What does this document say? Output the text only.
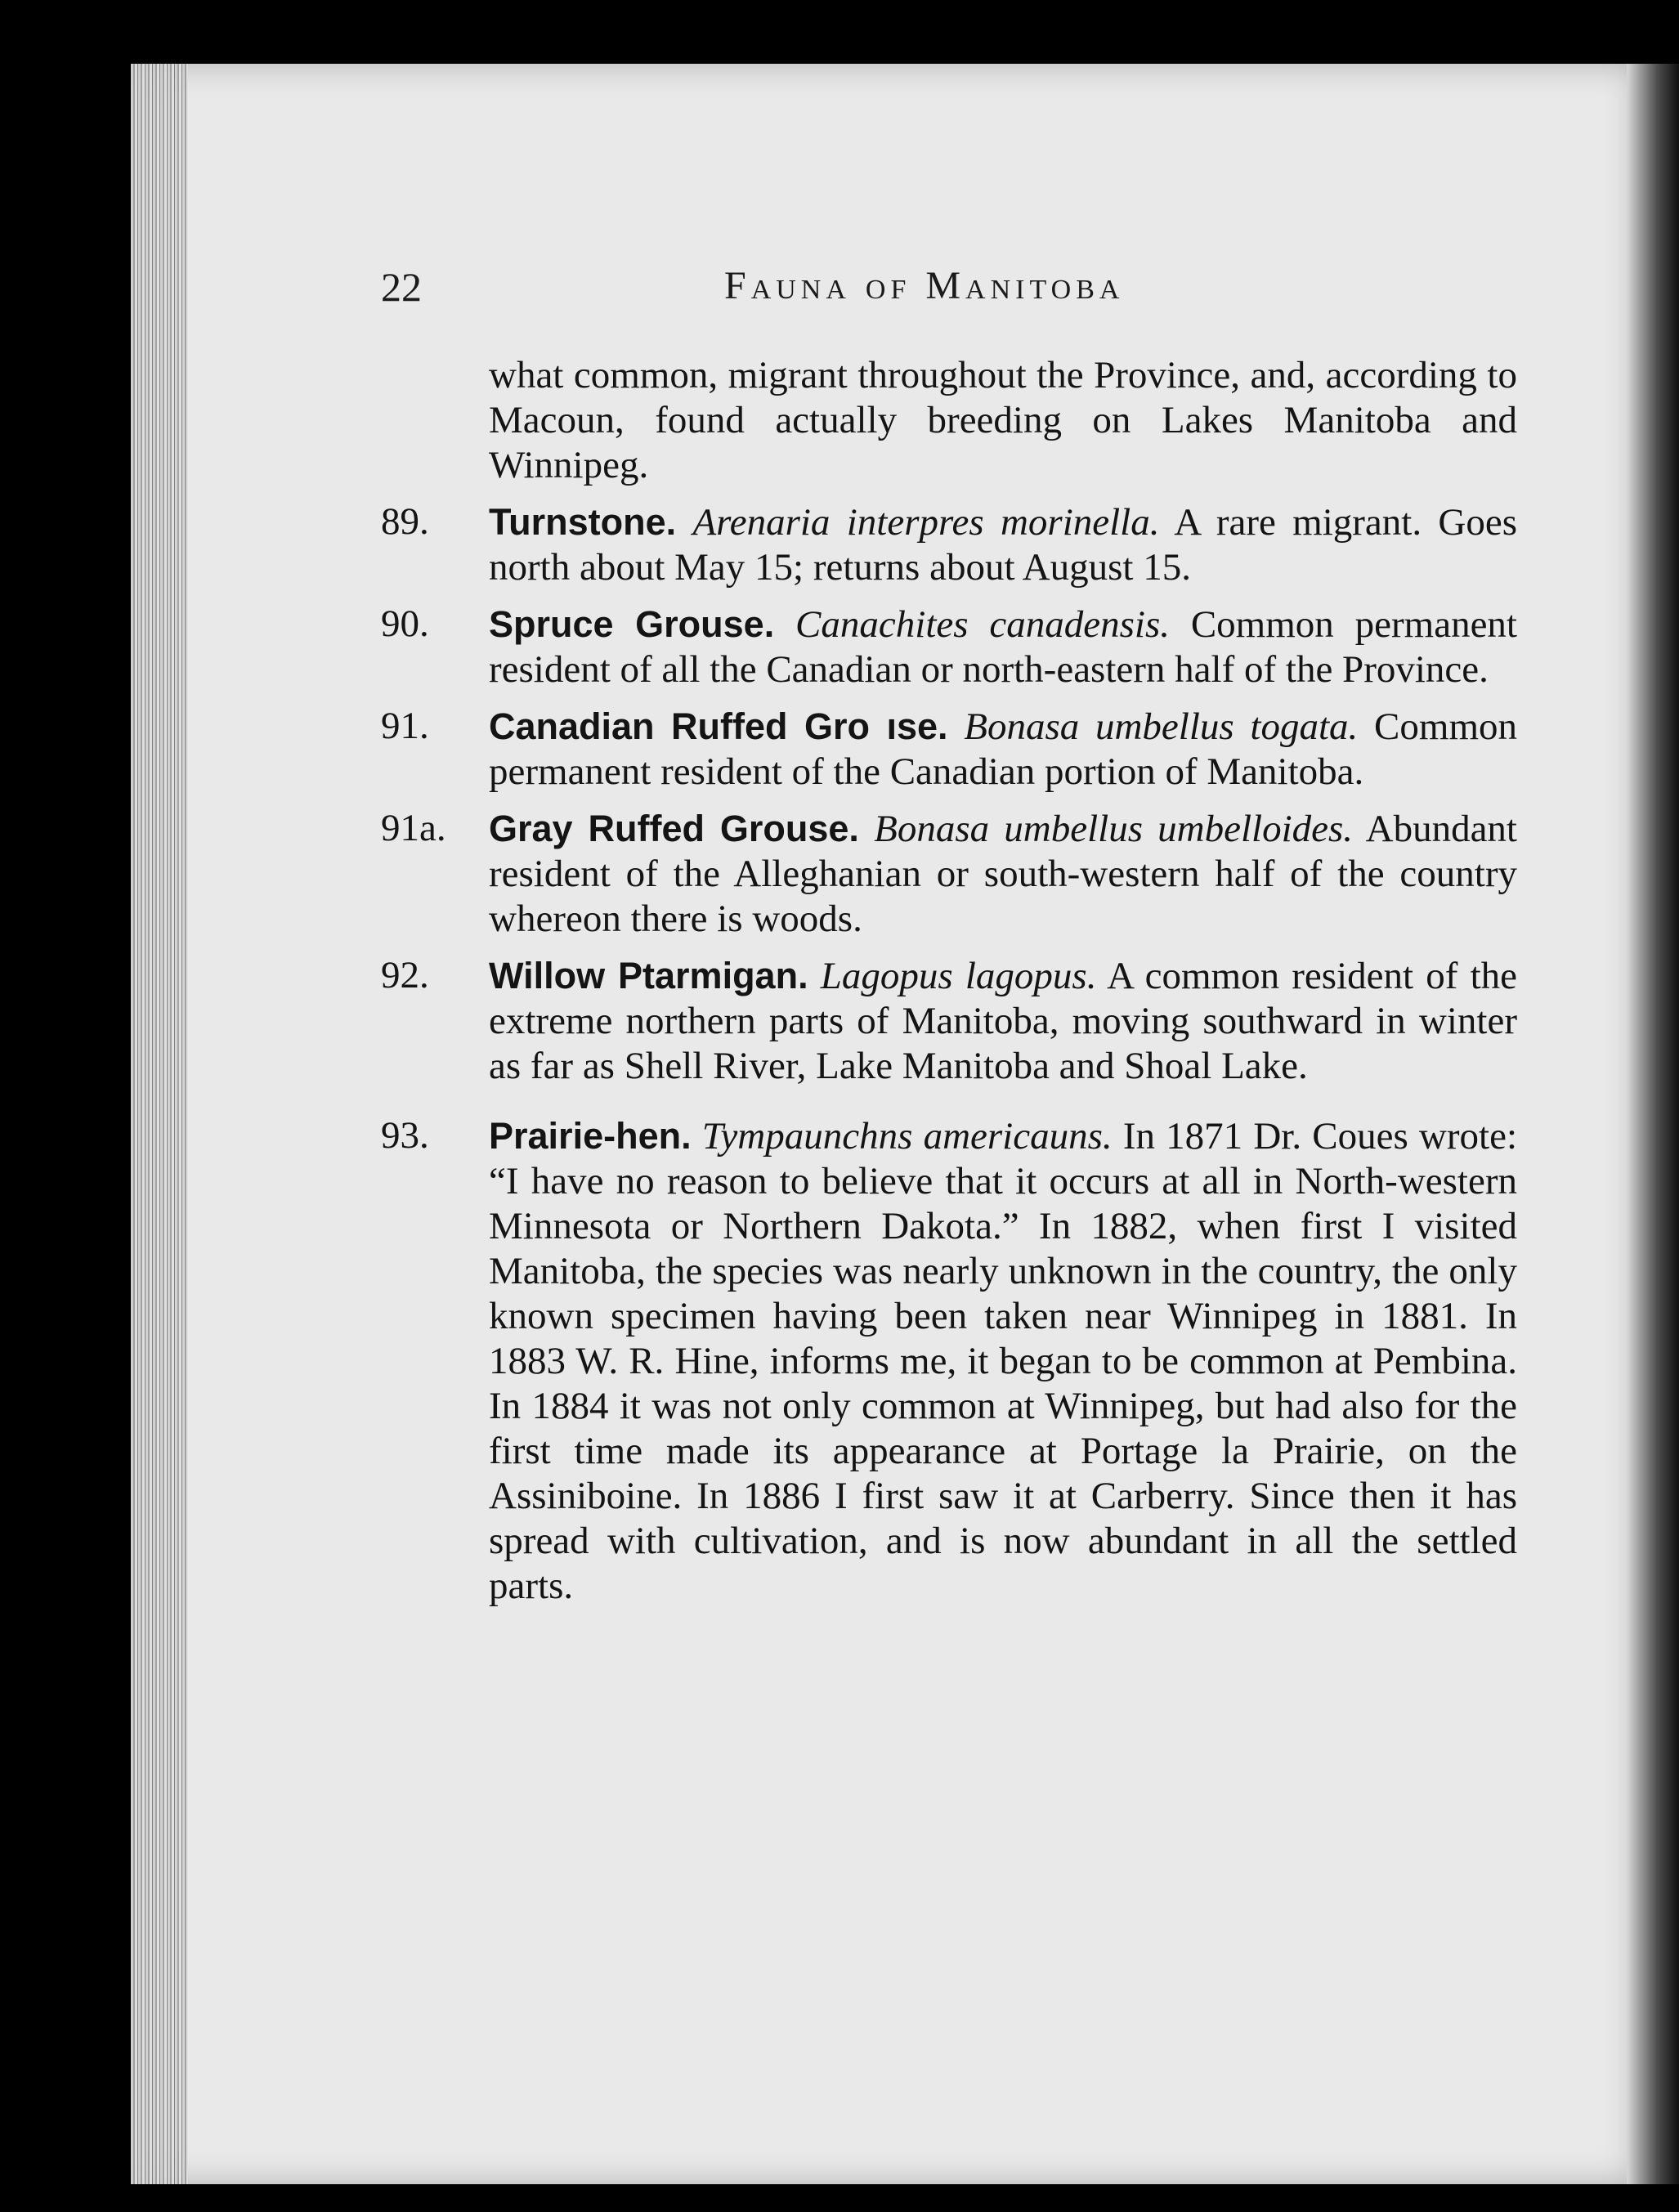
22	Fauna of Manitoba

what common, migrant throughout the Province, and, according to Macoun, found actually breeding on Lakes Manitoba and Winnipeg.

89. Turnstone. Arenaria interpres morinella. A rare migrant. Goes north about May 15; returns about August 15.

90. Spruce Grouse. Canachites canadensis. Common permanent resident of all the Canadian or north-eastern half of the Province.

91. Canadian Ruffed Gro ıse. Bonasa umbellus togata. Common permanent resident of the Canadian portion of Manitoba.

91a. Gray Ruffed Grouse. Bonasa umbellus umbelloides. Abundant resident of the Alleghanian or south-western half of the country whereon there is woods.

92. Willow Ptarmigan. Lagopus lagopus. A common resident of the extreme northern parts of Manitoba, moving southward in winter as far as Shell River, Lake Manitoba and Shoal Lake.

93. Prairie-hen. Tympaunchns americauns. In 1871 Dr. Coues wrote: “I have no reason to believe that it occurs at all in North-western Minnesota or Northern Dakota.” In 1882, when first I visited Manitoba, the species was nearly unknown in the country, the only known specimen having been taken near Winnipeg in 1881. In 1883 W. R. Hine, informs me, it began to be common at Pembina. In 1884 it was not only common at Winnipeg, but had also for the first time made its appearance at Portage la Prairie, on the Assiniboine. In 1886 I first saw it at Carberry. Since then it has spread with cultivation, and is now abundant in all the settled parts.
